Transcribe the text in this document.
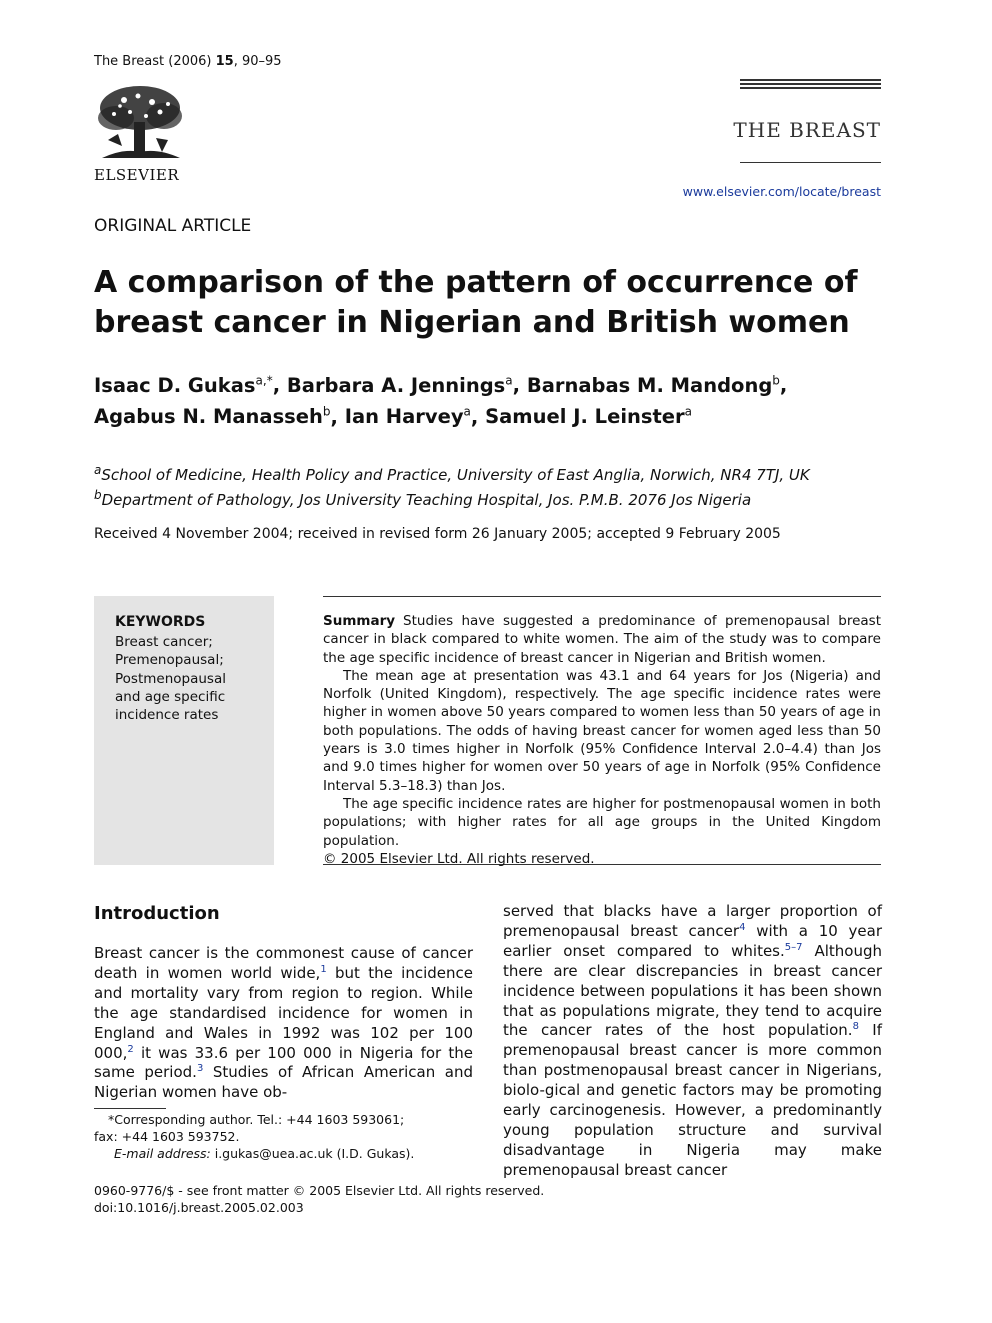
The Breast (2006) 15, 90–95
ELSEVIER
THE BREAST
www.elsevier.com/locate/breast
ORIGINAL ARTICLE
A comparison of the pattern of occurrence of breast cancer in Nigerian and British women
Isaac D. Gukas$^{a,*}$, Barbara A. Jennings$^a$, Barnabas M. Mandong$^b$,
Agabus N. Manasseh$^b$, Ian Harvey$^a$, Samuel J. Leinster$^a$
$^a$School of Medicine, Health Policy and Practice, University of East Anglia, Norwich, NR4 7TJ, UK
$^b$Department of Pathology, Jos University Teaching Hospital, Jos. P.M.B. 2076 Jos Nigeria
Received 4 November 2004; received in revised form 26 January 2005; accepted 9 February 2005
KEYWORDS
Breast cancer;
Premenopausal;
Postmenopausal
and age specific
incidence rates

Summary Studies have suggested a predominance of premenopausal breast cancer in black compared to white women. The aim of the study was to compare the age specific incidence of breast cancer in Nigerian and British women.

The mean age at presentation was 43.1 and 64 years for Jos (Nigeria) and Norfolk (United Kingdom), respectively. The age specific incidence rates were higher in women above 50 years compared to women less than 50 years of age in both populations. The odds of having breast cancer for women aged less than 50 years is 3.0 times higher in Norfolk (95% Confidence Interval 2.0–4.4) than Jos and 9.0 times higher for women over 50 years of age in Norfolk (95% Confidence Interval 5.3–18.3) than Jos.

The age specific incidence rates are higher for postmenopausal women in both populations; with higher rates for all age groups in the United Kingdom population.
© 2005 Elsevier Ltd. All rights reserved.

Introduction

Breast cancer is the commonest cause of cancer death in women world wide,$^1$ but the incidence and mortality vary from region to region. While the age standardised incidence for women in England and Wales in 1992 was 102 per 100 000,$^2$ it was 33.6 per 100 000 in Nigeria for the same period.$^3$ Studies of African American and Nigerian women have ob-

served that blacks have a larger proportion of premenopausal breast cancer$^4$ with a 10 year earlier onset compared to whites.$^{5-7}$ Although there are clear discrepancies in breast cancer incidence between populations it has been shown that as populations migrate, they tend to acquire the cancer rates of the host population.$^8$ If premenopausal breast cancer is more common than postmenopausal breast cancer in Nigerians, biolo-gical and genetic factors may be promoting early carcinogenesis. However, a predominantly young population structure and survival disadvantage in Nigeria may make premenopausal breast cancer

*Corresponding author. Tel.: +44 1603 593061;
fax: +44 1603 593752.
E-mail address: i.gukas@uea.ac.uk (I.D. Gukas).
0960-9776/$ - see front matter © 2005 Elsevier Ltd. All rights reserved.
doi:10.1016/j.breast.2005.02.003
